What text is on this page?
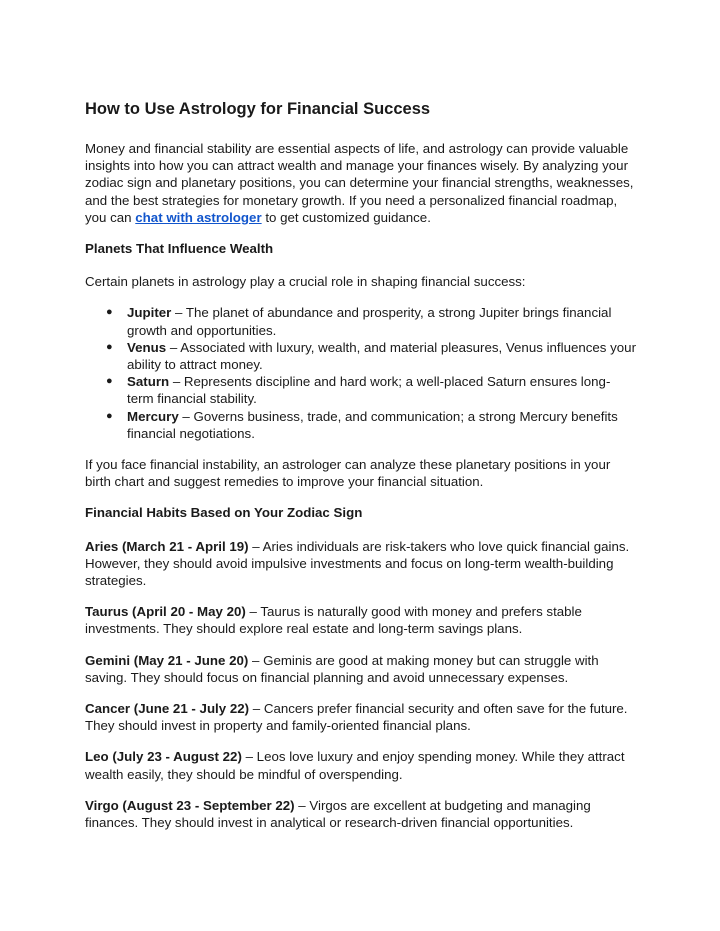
How to Use Astrology for Financial Success

Money and financial stability are essential aspects of life, and astrology can provide valuable insights into how you can attract wealth and manage your finances wisely. By analyzing your zodiac sign and planetary positions, you can determine your financial strengths, weaknesses, and the best strategies for monetary growth. If you need a personalized financial roadmap, you can chat with astrologer to get customized guidance.

Planets That Influence Wealth

Certain planets in astrology play a crucial role in shaping financial success:

● Jupiter – The planet of abundance and prosperity, a strong Jupiter brings financial growth and opportunities.
● Venus – Associated with luxury, wealth, and material pleasures, Venus influences your ability to attract money.
● Saturn – Represents discipline and hard work; a well-placed Saturn ensures long-term financial stability.
● Mercury – Governs business, trade, and communication; a strong Mercury benefits financial negotiations.

If you face financial instability, an astrologer can analyze these planetary positions in your birth chart and suggest remedies to improve your financial situation.

Financial Habits Based on Your Zodiac Sign

Aries (March 21 - April 19) – Aries individuals are risk-takers who love quick financial gains. However, they should avoid impulsive investments and focus on long-term wealth-building strategies.

Taurus (April 20 - May 20) – Taurus is naturally good with money and prefers stable investments. They should explore real estate and long-term savings plans.

Gemini (May 21 - June 20) – Geminis are good at making money but can struggle with saving. They should focus on financial planning and avoid unnecessary expenses.

Cancer (June 21 - July 22) – Cancers prefer financial security and often save for the future. They should invest in property and family-oriented financial plans.

Leo (July 23 - August 22) – Leos love luxury and enjoy spending money. While they attract wealth easily, they should be mindful of overspending.

Virgo (August 23 - September 22) – Virgos are excellent at budgeting and managing finances. They should invest in analytical or research-driven financial opportunities.
